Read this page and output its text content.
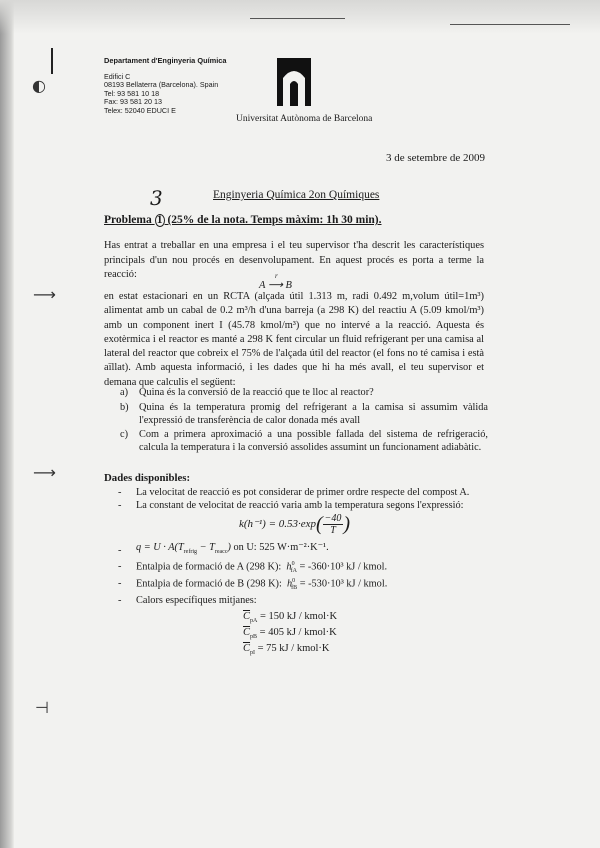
◐
⟶
⟶
⊣
Departament d'Enginyeria Química
Edifici C
08193 Bellaterra (Barcelona). Spain
Tel: 93 581 10 18
Fax: 93 581 20 13
Telex: 52040 EDUCI E
Universitat Autònoma de Barcelona
3 de setembre de 2009
3	Enginyeria Química 2on Químiques
Problema 1 (25% de la nota. Temps màxim: 1h 30 min).
Has entrat a treballar en una empresa i el teu supervisor t'ha descrit les característiques principals d'un nou procés en desenvolupament. En aquest procés es porta a terme la reacció:	r
A ⟶ B
en estat estacionari en un RCTA (alçada útil 1.313 m, radi 0.492 m,volum útil=1m³) alimentat amb un cabal de 0.2 m³/h d'una barreja (a 298 K) del reactiu A (5.09 kmol/m³) amb un component inert I (45.78 kmol/m³) que no intervé a la reacció. Aquesta és exotèrmica i el reactor es manté a 298 K fent circular un fluid refrigerant per una camisa al lateral del reactor que cobreix el 75% de l'alçada útil del reactor (el fons no té camisa i està aïllat). Amb aquesta informació, i les dades que hi ha més avall, el teu supervisor et demana que calculis el següent:
a) Quina és la conversió de la reacció que te lloc al reactor?
b) Quina és la temperatura promig del refrigerant a la camisa si assumim vàlida l'expressió de transferència de calor donada més avall
c) Com a primera aproximació a una possible fallada del sistema de refrigeració, calcula la temperatura i la conversió assolides assumint un funcionament adiabàtic.
Dades disponibles:
- La velocitat de reacció es pot considerar de primer ordre respecte del compost A.
- La constant de velocitat de reacció varia amb la temperatura segons l'expressió:
$k(h^{-1}) = 0.53\cdot\exp( \frac{-40}{T})$
- $q = U \cdot A(T_{refrig} - T_{reacc})$ on U: 525 W·m⁻²·K⁻¹.
- Entalpia de formació de A (298 K): $h^0_{fA} = -360\cdot 10^3$ kJ / kmol.
- Entalpia de formació de B (298 K): $h^0_{fB} = -530\cdot 10^3$ kJ / kmol.
- Calors específiques mitjanes:
$\overline{C}_{pA} = 150$ kJ / kmol·K
$\overline{C}_{pB} = 405$ kJ / kmol·K
$\overline{C}_{pI} = 75$ kJ / kmol·K
